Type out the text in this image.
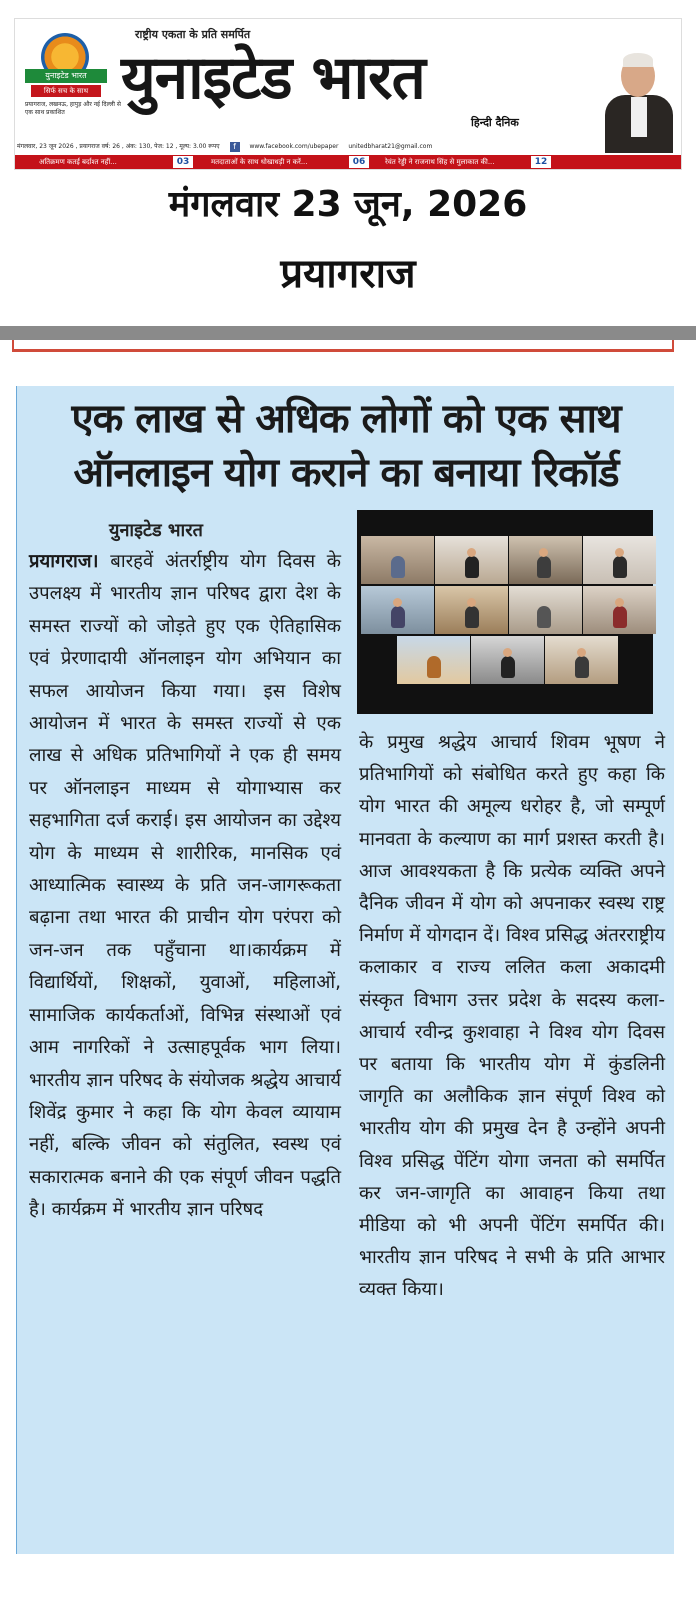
युनाइटेड भारत
सिर्फ सच के साथ
प्रयागराज, लखनऊ, हापुड़ और नई दिल्ली से एक साथ प्रकाशित
राष्ट्रीय एकता के प्रति समर्पित
युनाइटेड भारत
हिन्दी दैनिक
मंगलवार, 23 जून 2026 , प्रयागराज वर्ष: 26 , अंक: 130, पेज: 12 , मूल्य: 3.00 रूपए f www.facebook.com/ubepaper unitedbharat21@gmail.com
अतिक्रमण कतई बर्दाश्त नहीं...	03	मतदाताओं के साथ धोखाधड़ी न करें...	06	रेवंत रेड्डी ने राजनाथ सिंह से मुलाकात की...	12
मंगलवार 23 जून, 2026
प्रयागराज
एक लाख से अधिक लोगों को एक साथ
ऑनलाइन योग कराने का बनाया रिकॉर्ड
युनाइटेड भारत
प्रयागराज। बारहवें अंतर्राष्ट्रीय योग दिवस के उपलक्ष्य में भारतीय ज्ञान परिषद द्वारा देश के समस्त राज्यों को जोड़ते हुए एक ऐतिहासिक एवं प्रेरणादायी ऑनलाइन योग अभियान का सफल आयोजन किया गया। इस विशेष आयोजन में भारत के समस्त राज्यों से एक लाख से अधिक प्रतिभागियों ने एक ही समय पर ऑनलाइन माध्यम से योगाभ्यास कर सहभागिता दर्ज कराई। इस आयोजन का उद्देश्य योग के माध्यम से शारीरिक, मानसिक एवं आध्यात्मिक स्वास्थ्य के प्रति जन-जागरूकता बढ़ाना तथा भारत की प्राचीन योग परंपरा को जन-जन तक पहुँचाना था।कार्यक्रम में विद्यार्थियों, शिक्षकों, युवाओं, महिलाओं, सामाजिक कार्यकर्ताओं, विभिन्न संस्थाओं एवं आम नागरिकों ने उत्साहपूर्वक भाग लिया। भारतीय ज्ञान परिषद के संयोजक श्रद्धेय आचार्य शिवेंद्र कुमार ने कहा कि योग केवल व्यायाम नहीं, बल्कि जीवन को संतुलित, स्वस्थ एवं सकारात्मक बनाने की एक संपूर्ण जीवन पद्धति है। कार्यक्रम में भारतीय ज्ञान परिषद
के प्रमुख श्रद्धेय आचार्य शिवम भूषण ने प्रतिभागियों को संबोधित करते हुए कहा कि योग भारत की अमूल्य धरोहर है, जो सम्पूर्ण मानवता के कल्याण का मार्ग प्रशस्त करती है। आज आवश्यकता है कि प्रत्येक व्यक्ति अपने दैनिक जीवन में योग को अपनाकर स्वस्थ राष्ट्र निर्माण में योगदान दें। विश्व प्रसिद्ध अंतरराष्ट्रीय कलाकार व राज्य ललित कला अकादमी संस्कृत विभाग उत्तर प्रदेश के सदस्य कला-आचार्य रवीन्द्र कुशवाहा ने विश्व योग दिवस पर बताया कि भारतीय योग में कुंडलिनी जागृति का अलौकिक ज्ञान संपूर्ण विश्व को भारतीय योग की प्रमुख देन है उन्होंने अपनी विश्व प्रसिद्ध पेंटिंग योगा जनता को समर्पित कर जन-जागृति का आवाहन किया तथा मीडिया को भी अपनी पेंटिंग समर्पित की। भारतीय ज्ञान परिषद ने सभी के प्रति आभार व्यक्त किया।
